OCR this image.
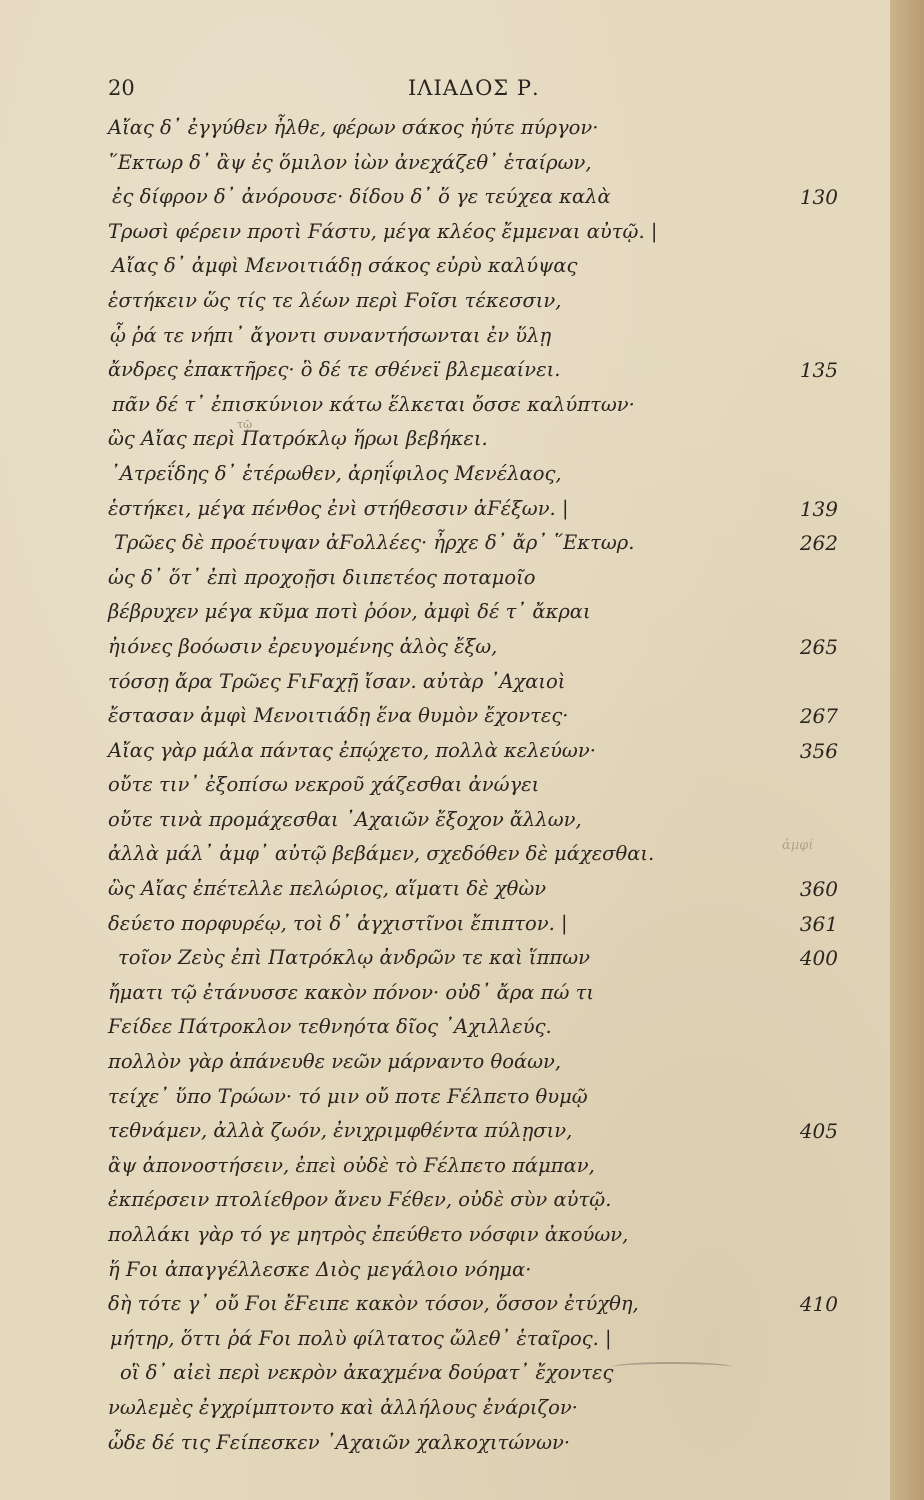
20	ΙΛΙΑΔΟΣ Ρ.
Αἴας δ᾽ ἐγγύθεν ἦλθε, φέρων σάκος ἠύτε πύργον·
῞Εκτωρ δ᾽ ἂψ ἐς ὅμιλον ἰὼν ἀνεχάζεθ᾽ ἑταίρων,
ἐς δίφρον δ᾽ ἀνόρουσε· δίδου δ᾽ ὅ γε τεύχεα καλὰ	130
Τρωσὶ φέρειν προτὶ Ϝάστυ, μέγα κλέος ἔμμεναι αὐτῷ. |
Αἴας δ᾽ ἀμφὶ Μενοιτιάδῃ σάκος εὐρὺ καλύψας
ἑστήκειν ὥς τίς τε λέων περὶ Ϝοῖσι τέκεσσιν,
ᾧ ῥά τε νήπι᾽ ἄγοντι συναντήσωνται ἐν ὕλῃ
ἄνδρες ἐπακτῆρες· ὃ δέ τε σθένεϊ βλεμεαίνει.	135
πᾶν δέ τ᾽ ἐπισκύνιον κάτω ἕλκεται ὄσσε καλύπτων·
ὣς Αἴας περὶ Πατρόκλῳ ἥρωι βεβήκει.
᾽Ατρεΐδης δ᾽ ἑτέρωθεν, ἀρηΐφιλος Μενέλαος,
ἑστήκει, μέγα πένθος ἐνὶ στήθεσσιν ἀϜέξων. |	139
Τρῶες δὲ προέτυψαν ἀϜολλέες· ἦρχε δ᾽ ἄρ᾽ ῞Εκτωρ.	262
ὡς δ᾽ ὅτ᾽ ἐπὶ προχοῇσι διιπετέος ποταμοῖο
βέβρυχεν μέγα κῦμα ποτὶ ῥόον, ἀμφὶ δέ τ᾽ ἄκραι
ἠιόνες βοόωσιν ἐρευγομένης ἁλὸς ἔξω,	265
τόσσῃ ἄρα Τρῶες ϜιϜαχῇ ἴσαν. αὐτὰρ ᾽Αχαιοὶ
ἔστασαν ἀμφὶ Μενοιτιάδῃ ἕνα θυμὸν ἔχοντες·	267
Αἴας γὰρ μάλα πάντας ἐπῴχετο, πολλὰ κελεύων·	356
οὔτε τιν᾽ ἐξοπίσω νεκροῦ χάζεσθαι ἀνώγει
οὔτε τινὰ προμάχεσθαι ᾽Αχαιῶν ἔξοχον ἄλλων,
ἀλλὰ μάλ᾽ ἀμφ᾽ αὐτῷ βεβάμεν, σχεδόθεν δὲ μάχεσθαι.
ὣς Αἴας ἐπέτελλε πελώριος, αἵματι δὲ χθὼν	360
δεύετο πορφυρέῳ, τοὶ δ᾽ ἀγχιστῖνοι ἔπιπτον. |	361
τοῖον Ζεὺς ἐπὶ Πατρόκλῳ ἀνδρῶν τε καὶ ἵππων	400
ἤματι τῷ ἐτάνυσσε κακὸν πόνον· οὐδ᾽ ἄρα πώ τι
Ϝείδεε Πάτροκλον τεθνηότα δῖος ᾽Αχιλλεύς.
πολλὸν γὰρ ἀπάνευθε νεῶν μάρναντο θοάων,
τείχε᾽ ὕπο Τρώων· τό μιν οὔ ποτε Ϝέλπετο θυμῷ
τεθνάμεν, ἀλλὰ ζωόν, ἐνιχριμφθέντα πύλῃσιν,	405
ἂψ ἀπονοστήσειν, ἐπεὶ οὐδὲ τὸ Ϝέλπετο πάμπαν,
ἐκπέρσειν πτολίεθρον ἄνευ Ϝέθεν, οὐδὲ σὺν αὐτῷ.
πολλάκι γὰρ τό γε μητρὸς ἐπεύθετο νόσφιν ἀκούων,
ἥ Ϝοι ἀπαγγέλλεσκε Διὸς μεγάλοιο νόημα·
δὴ τότε γ᾽ οὔ Ϝοι ἔϜειπε κακὸν τόσον, ὅσσον ἐτύχθη,	410
μήτηρ, ὅττι ῥά Ϝοι πολὺ φίλτατος ὤλεθ᾽ ἑταῖρος. |
οἳ δ᾽ αἰεὶ περὶ νεκρὸν ἀκαχμένα δούρατ᾽ ἔχοντες
νωλεμὲς ἐγχρίμπτοντο καὶ ἀλλήλους ἐνάριζον·
ὧδε δέ τις Ϝείπεσκεν ᾽Αχαιῶν χαλκοχιτώνων·
τῷ
ἀμφί
